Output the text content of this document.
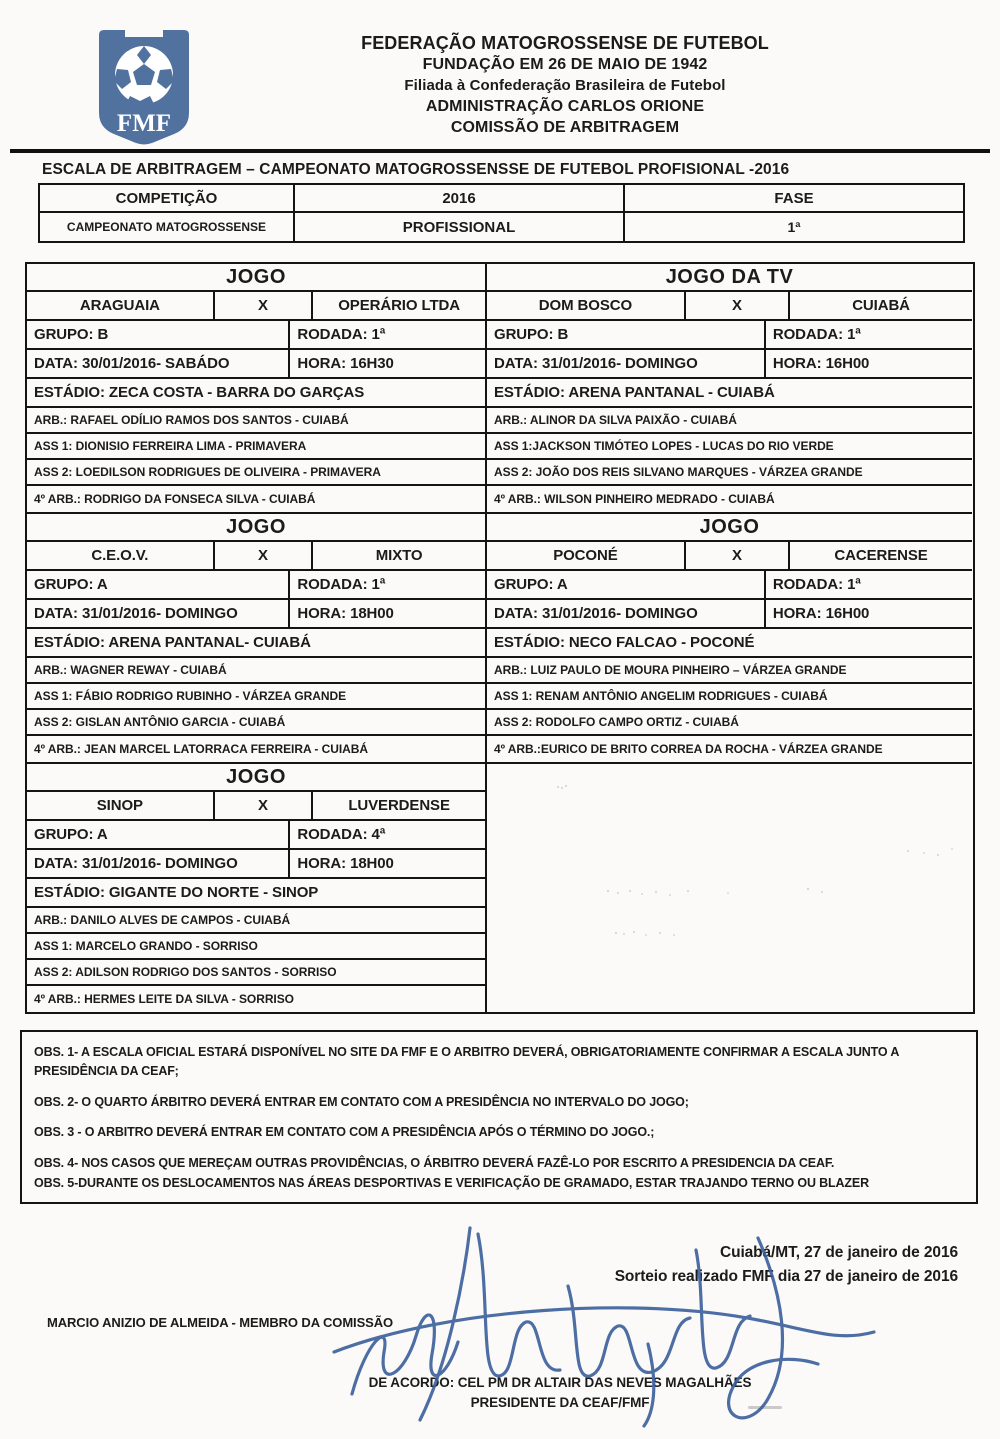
FMF
FEDERAÇÃO MATOGROSSENSE DE FUTEBOL
FUNDAÇÃO EM 26 DE MAIO DE 1942
Filiada à Confederação Brasileira de Futebol
ADMINISTRAÇÃO CARLOS ORIONE
COMISSÃO DE ARBITRAGEM
ESCALA DE ARBITRAGEM – CAMPEONATO MATOGROSSENSSE DE FUTEBOL PROFISIONAL -2016
COMPETIÇÃO	2016	FASE
CAMPEONATO MATOGROSSENSE	PROFISSIONAL	1ª
JOGO
ARAGUAIA	X	OPERÁRIO LTDA
GRUPO: B	RODADA: 1ª
DATA: 30/01/2016- SABÁDO	HORA: 16H30
ESTÁDIO: ZECA COSTA - BARRA DO GARÇAS
ARB.: RAFAEL ODÍLIO RAMOS DOS SANTOS - CUIABÁ
ASS 1: DIONISIO FERREIRA LIMA - PRIMAVERA
ASS 2: LOEDILSON RODRIGUES DE OLIVEIRA - PRIMAVERA
4º ARB.: RODRIGO DA FONSECA SILVA - CUIABÁ
JOGO DA TV
DOM BOSCO	X	CUIABÁ
GRUPO: B	RODADA: 1ª
DATA: 31/01/2016- DOMINGO	HORA: 16H00
ESTÁDIO: ARENA PANTANAL - CUIABÁ
ARB.: ALINOR DA SILVA PAIXÃO - CUIABÁ
ASS 1:JACKSON TIMÓTEO LOPES - LUCAS DO RIO VERDE
ASS 2: JOÃO DOS REIS SILVANO MARQUES - VÁRZEA GRANDE
4º ARB.: WILSON PINHEIRO MEDRADO - CUIABÁ
JOGO
C.E.O.V.	X	MIXTO
GRUPO: A	RODADA: 1ª
DATA: 31/01/2016- DOMINGO	HORA: 18H00
ESTÁDIO: ARENA PANTANAL- CUIABÁ
ARB.: WAGNER REWAY - CUIABÁ
ASS 1: FÁBIO RODRIGO RUBINHO - VÁRZEA GRANDE
ASS 2: GISLAN ANTÔNIO GARCIA - CUIABÁ
4º ARB.: JEAN MARCEL LATORRACA FERREIRA - CUIABÁ
JOGO
POCONÉ	X	CACERENSE
GRUPO: A	RODADA: 1ª
DATA: 31/01/2016- DOMINGO	HORA: 16H00
ESTÁDIO: NECO FALCAO - POCONÉ
ARB.: LUIZ PAULO DE MOURA PINHEIRO – VÁRZEA GRANDE
ASS 1: RENAM ANTÔNIO ANGELIM RODRIGUES - CUIABÁ
ASS 2: RODOLFO CAMPO ORTIZ - CUIABÁ
4º ARB.:EURICO DE BRITO CORREA DA ROCHA - VÁRZEA GRANDE
JOGO
SINOP	X	LUVERDENSE
GRUPO: A	RODADA: 4ª
DATA: 31/01/2016- DOMINGO	HORA: 18H00
ESTÁDIO: GIGANTE DO NORTE - SINOP
ARB.: DANILO ALVES DE CAMPOS - CUIABÁ
ASS 1: MARCELO GRANDO - SORRISO
ASS 2: ADILSON RODRIGO DOS SANTOS - SORRISO
4º ARB.: HERMES LEITE DA SILVA - SORRISO

OBS. 1- A ESCALA OFICIAL ESTARÁ DISPONÍVEL NO SITE DA FMF E O ARBITRO DEVERÁ, OBRIGATORIAMENTE CONFIRMAR A ESCALA JUNTO A PRESIDÊNCIA DA CEAF;

OBS. 2- O QUARTO ÁRBITRO DEVERÁ ENTRAR EM CONTATO COM A PRESIDÊNCIA NO INTERVALO DO JOGO;

OBS. 3 - O ARBITRO DEVERÁ ENTRAR EM CONTATO COM A PRESIDÊNCIA APÓS O TÉRMINO DO JOGO.;

OBS. 4- NOS CASOS QUE MEREÇAM OUTRAS PROVIDÊNCIAS, O ÁRBITRO DEVERÁ FAZÊ-LO POR ESCRITO A PRESIDENCIA DA CEAF.

OBS. 5-DURANTE OS DESLOCAMENTOS NAS ÁREAS DESPORTIVAS E VERIFICAÇÃO DE GRAMADO, ESTAR TRAJANDO TERNO OU BLAZER

Cuiabá/MT, 27 de janeiro de 2016
Sorteio realizado FMF dia 27 de janeiro de 2016
MARCIO ANIZIO DE ALMEIDA - MEMBRO DA COMISSÃO
DE ACORDO: CEL PM DR ALTAIR DAS NEVES MAGALHÃES
PRESIDENTE DA CEAF/FMF
